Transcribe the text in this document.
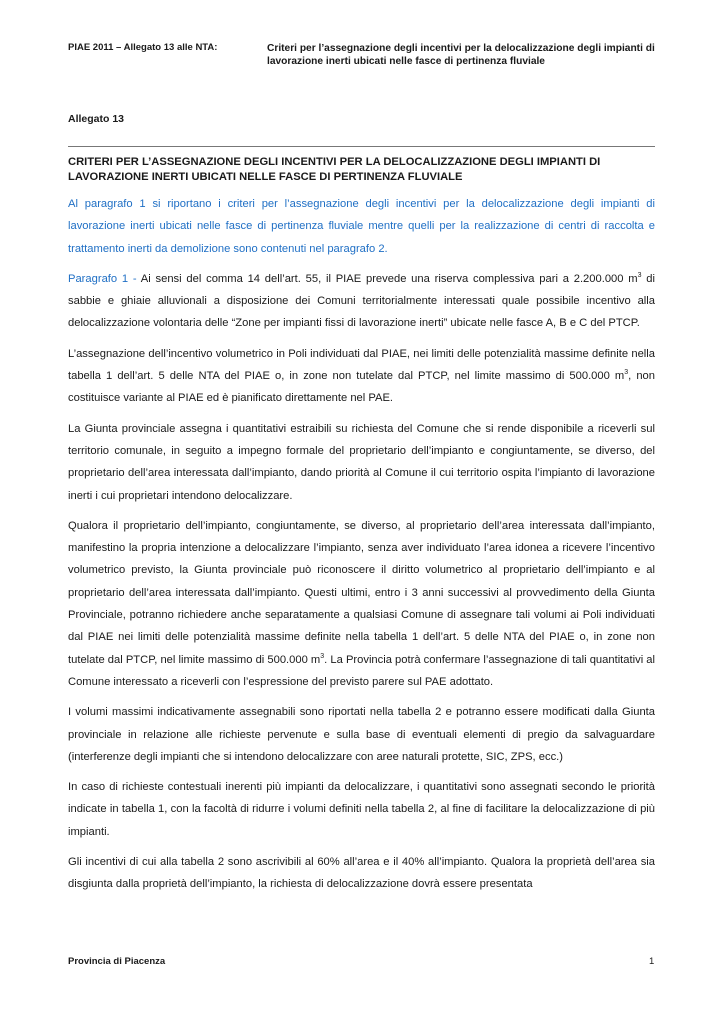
PIAE 2011 – Allegato 13 alle NTA:	Criteri per l’assegnazione degli incentivi per la delocalizzazione degli impianti di lavorazione inerti ubicati nelle fasce di pertinenza fluviale
Allegato 13
CRITERI PER L’ASSEGNAZIONE DEGLI INCENTIVI PER LA DELOCALIZZAZIONE DEGLI IMPIANTI DI LAVORAZIONE INERTI UBICATI NELLE FASCE DI PERTINENZA FLUVIALE

Al paragrafo 1 si riportano i criteri per l’assegnazione degli incentivi per la delocalizzazione degli impianti di lavorazione inerti ubicati nelle fasce di pertinenza fluviale mentre quelli per la realizzazione di centri di raccolta e trattamento inerti da demolizione sono contenuti nel paragrafo 2.

Paragrafo 1 - Ai sensi del comma 14 dell’art. 55, il PIAE prevede una riserva complessiva pari a 2.200.000 $m^3$ di sabbie e ghiaie alluvionali a disposizione dei Comuni territorialmente interessati quale possibile incentivo alla delocalizzazione volontaria delle “Zone per impianti fissi di lavorazione inerti” ubicate nelle fasce A, B e C del PTCP.

L’assegnazione dell’incentivo volumetrico in Poli individuati dal PIAE, nei limiti delle potenzialità massime definite nella tabella 1 dell’art. 5 delle NTA del PIAE o, in zone non tutelate dal PTCP, nel limite massimo di 500.000 $m^3$, non costituisce variante al PIAE ed è pianificato direttamente nel PAE.

La Giunta provinciale assegna i quantitativi estraibili su richiesta del Comune che si rende disponibile a riceverli sul territorio comunale, in seguito a impegno formale del proprietario dell’impianto e congiuntamente, se diverso, del proprietario dell’area interessata dall’impianto, dando priorità al Comune il cui territorio ospita l’impianto di lavorazione inerti i cui proprietari intendono delocalizzare.

Qualora il proprietario dell’impianto, congiuntamente, se diverso, al proprietario dell’area interessata dall’impianto, manifestino la propria intenzione a delocalizzare l’impianto, senza aver individuato l’area idonea a ricevere l’incentivo volumetrico previsto, la Giunta provinciale può riconoscere il diritto volumetrico al proprietario dell’impianto e al proprietario dell’area interessata dall’impianto. Questi ultimi, entro i 3 anni successivi al provvedimento della Giunta Provinciale, potranno richiedere anche separatamente a qualsiasi Comune di assegnare tali volumi ai Poli individuati dal PIAE nei limiti delle potenzialità massime definite nella tabella 1 dell’art. 5 delle NTA del PIAE o, in zone non tutelate dal PTCP, nel limite massimo di 500.000 $m^3$. La Provincia potrà confermare l’assegnazione di tali quantitativi al Comune interessato a riceverli con l’espressione del previsto parere sul PAE adottato.

I volumi massimi indicativamente assegnabili sono riportati nella tabella 2 e potranno essere modificati dalla Giunta provinciale in relazione alle richieste pervenute e sulla base di eventuali elementi di pregio da salvaguardare (interferenze degli impianti che si intendono delocalizzare con aree naturali protette, SIC, ZPS, ecc.)

In caso di richieste contestuali inerenti più impianti da delocalizzare, i quantitativi sono assegnati secondo le priorità indicate in tabella 1, con la facoltà di ridurre i volumi definiti nella tabella 2, al fine di facilitare la delocalizzazione di più impianti.

Gli incentivi di cui alla tabella 2 sono ascrivibili al 60% all’area e il 40% all’impianto. Qualora la proprietà dell’area sia disgiunta dalla proprietà dell’impianto, la richiesta di delocalizzazione dovrà essere presentata

Provincia di Piacenza	1
